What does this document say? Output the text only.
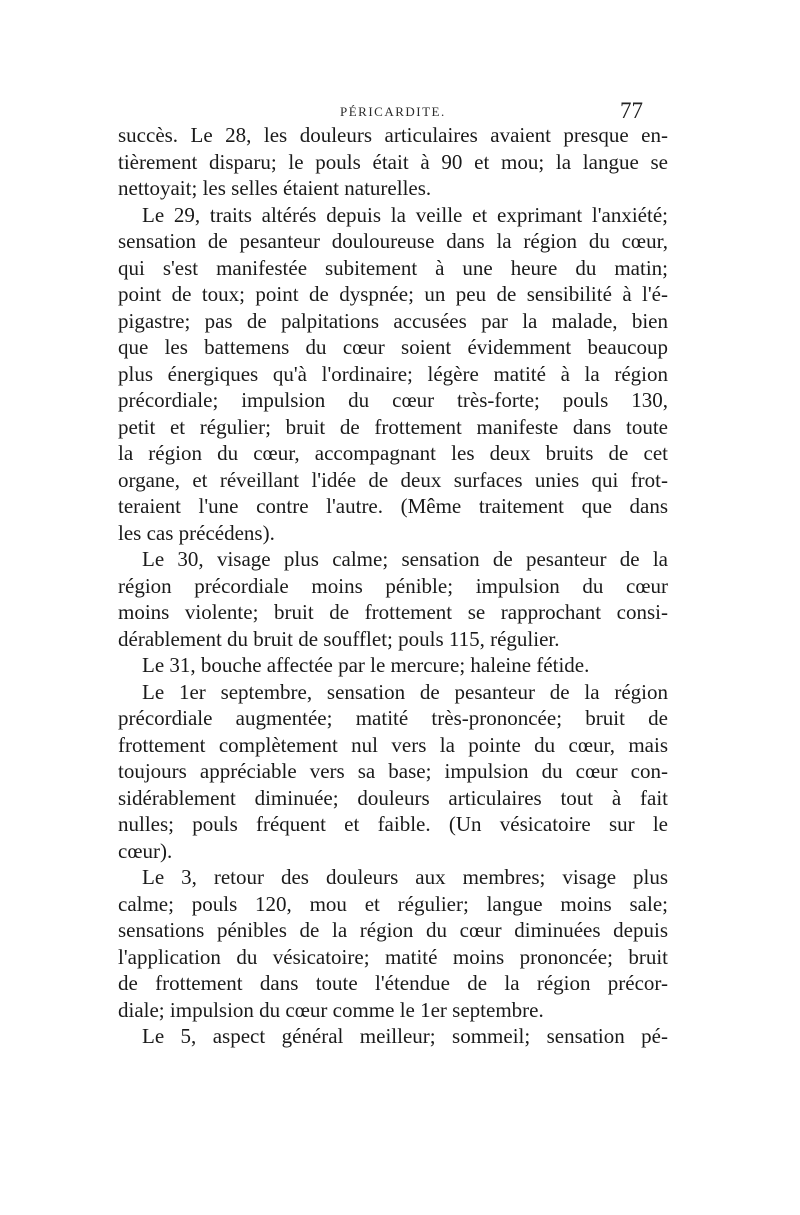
PÉRICARDITE.	77
succès. Le 28, les douleurs articulaires avaient presque en-
tièrement disparu; le pouls était à 90 et mou; la langue se
nettoyait; les selles étaient naturelles.
Le 29, traits altérés depuis la veille et exprimant l'anxiété;
sensation de pesanteur douloureuse dans la région du cœur,
qui s'est manifestée subitement à une heure du matin;
point de toux; point de dyspnée; un peu de sensibilité à l'é-
pigastre; pas de palpitations accusées par la malade, bien
que les battemens du cœur soient évidemment beaucoup
plus énergiques qu'à l'ordinaire; légère matité à la région
précordiale; impulsion du cœur très-forte; pouls 130,
petit et régulier; bruit de frottement manifeste dans toute
la région du cœur, accompagnant les deux bruits de cet
organe, et réveillant l'idée de deux surfaces unies qui frot-
teraient l'une contre l'autre. (Même traitement que dans
les cas précédens).
Le 30, visage plus calme; sensation de pesanteur de la
région précordiale moins pénible; impulsion du cœur
moins violente; bruit de frottement se rapprochant consi-
dérablement du bruit de soufflet; pouls 115, régulier.
Le 31, bouche affectée par le mercure; haleine fétide.
Le 1er septembre, sensation de pesanteur de la région
précordiale augmentée; matité très-prononcée; bruit de
frottement complètement nul vers la pointe du cœur, mais
toujours appréciable vers sa base; impulsion du cœur con-
sidérablement diminuée; douleurs articulaires tout à fait
nulles; pouls fréquent et faible. (Un vésicatoire sur le
cœur).
Le 3, retour des douleurs aux membres; visage plus
calme; pouls 120, mou et régulier; langue moins sale;
sensations pénibles de la région du cœur diminuées depuis
l'application du vésicatoire; matité moins prononcée; bruit
de frottement dans toute l'étendue de la région précor-
diale; impulsion du cœur comme le 1er septembre.
Le 5, aspect général meilleur; sommeil; sensation pé-
